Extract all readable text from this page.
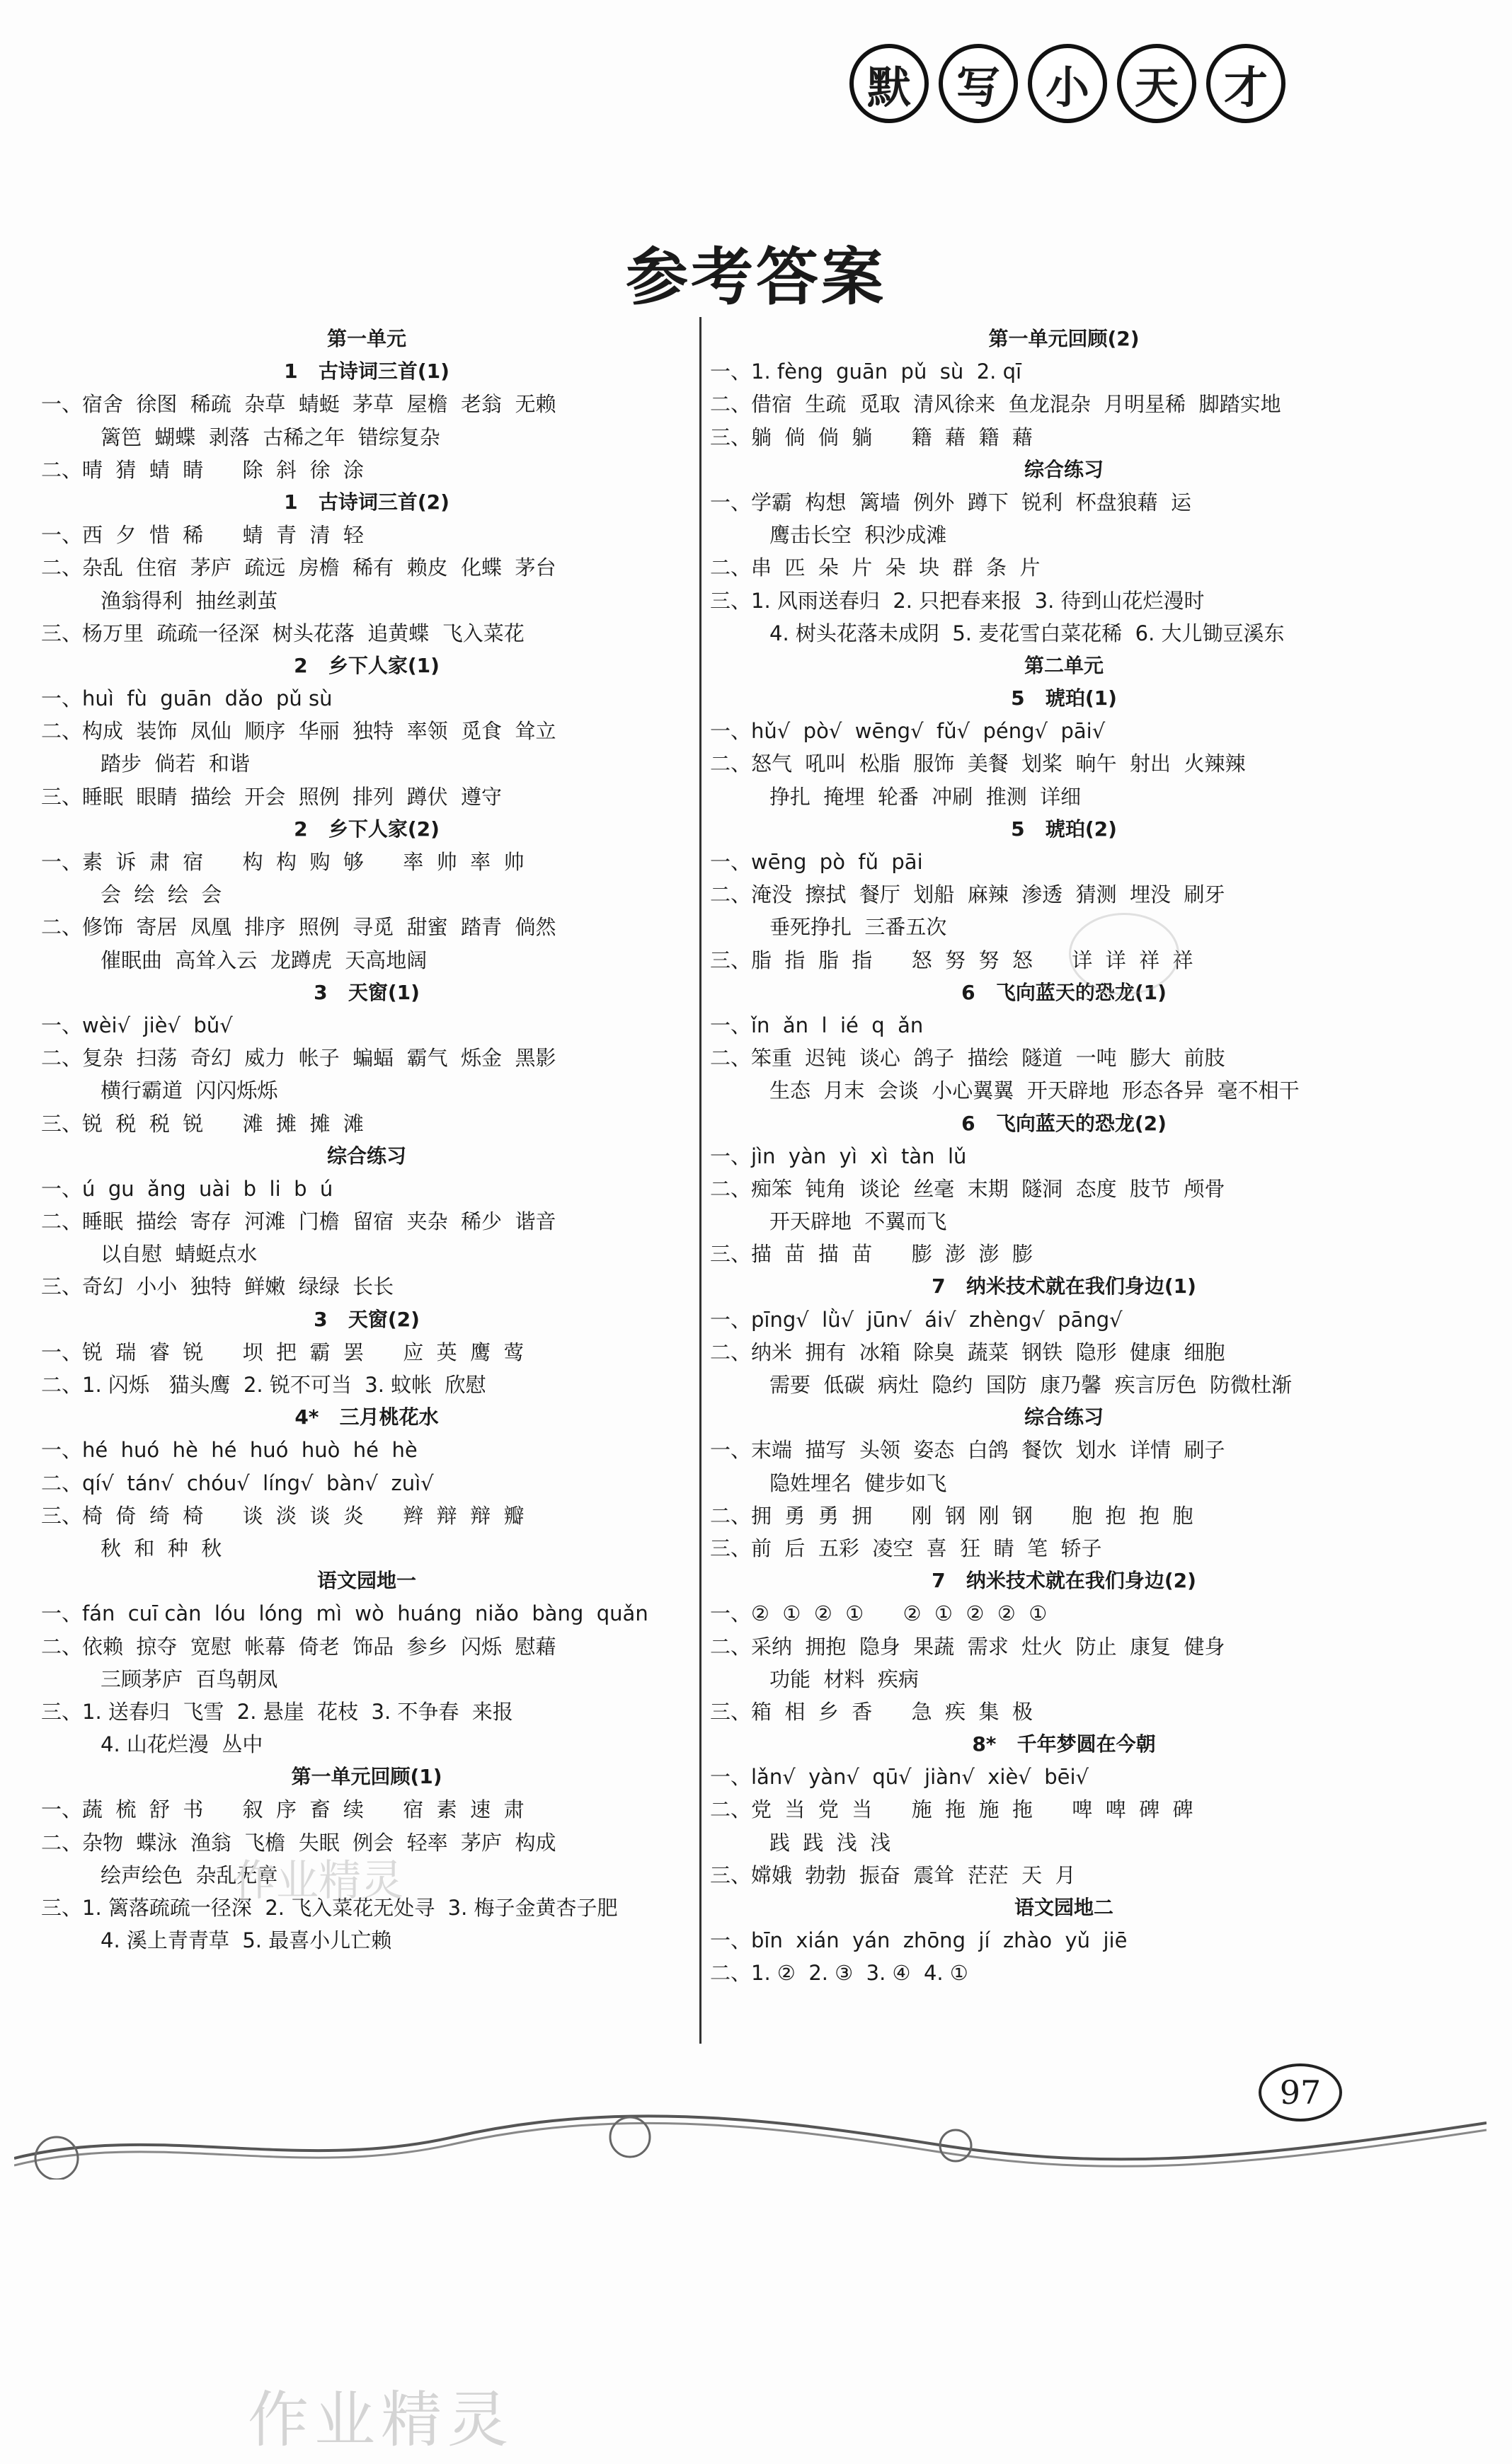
默	写	小	天	才
参考答案
第一单元
1   古诗词三首(1)
一、宿舍  徐图  稀疏  杂草  蜻蜓  茅草  屋檐  老翁  无赖
篱笆  蝴蝶  剥落  古稀之年  错综复杂
二、晴  猜  蜻  睛      除  斜  徐  涂
1   古诗词三首(2)
一、西  夕  惜  稀      蜻  青  清  轻
二、杂乱  住宿  茅庐  疏远  房檐  稀有  赖皮  化蝶  茅台
渔翁得利  抽丝剥茧
三、杨万里  疏疏一径深  树头花落  追黄蝶  飞入菜花
2   乡下人家(1)
一、huì  fù  guān  dǎo  pǔ sù
二、构成  装饰  凤仙  顺序  华丽  独特  率领  觅食  耸立
踏步  倘若  和谐
三、睡眠  眼睛  描绘  开会  照例  排列  蹲伏  遵守
2   乡下人家(2)
一、素  诉  肃  宿      构  构  购  够      率  帅  率  帅
会  绘  绘  会
二、修饰  寄居  凤凰  排序  照例  寻觅  甜蜜  踏青  倘然
催眠曲  高耸入云  龙蹲虎  天高地阔
3   天窗(1)
一、wèi√  jiè√  bǔ√
二、复杂  扫荡  奇幻  威力  帐子  蝙蝠  霸气  烁金  黑影
横行霸道  闪闪烁烁
三、锐  税  税  锐      滩  摊  摊  滩
综合练习
一、ú  gu  ǎng  uài  b  li  b  ú
二、睡眠  描绘  寄存  河滩  门檐  留宿  夹杂  稀少  谐音
以自慰  蜻蜓点水
三、奇幻  小小  独特  鲜嫩  绿绿  长长
3   天窗(2)
一、锐  瑞  睿  锐      坝  把  霸  罢      应  英  鹰  莺
二、1. 闪烁   猫头鹰  2. 锐不可当  3. 蚊帐  欣慰
4*   三月桃花水
一、hé  huó  hè  hé  huó  huò  hé  hè
二、qí√  tán√  chóu√  líng√  bàn√  zuì√
三、椅  倚  绮  椅      谈  淡  谈  炎      辫  辩  辩  瓣
秋  和  种  秋
语文园地一
一、fán  cuī càn  lóu  lóng  mì  wò  huáng  niǎo  bàng  quǎn
二、依赖  掠夺  宽慰  帐幕  倚老  饰品  参乡  闪烁  慰藉
三顾茅庐  百鸟朝凤
三、1. 送春归  飞雪  2. 悬崖  花枝  3. 不争春  来报
4. 山花烂漫  丛中
第一单元回顾(1)
一、蔬  梳  舒  书      叙  序  畜  续      宿  素  速  肃
二、杂物  蝶泳  渔翁  飞檐  失眠  例会  轻率  茅庐  构成
绘声绘色  杂乱无章
三、1. 篱落疏疏一径深  2. 飞入菜花无处寻  3. 梅子金黄杏子肥
4. 溪上青青草  5. 最喜小儿亡赖
第一单元回顾(2)
一、1. fèng  guān  pǔ  sù  2. qī
二、借宿  生疏  觅取  清风徐来  鱼龙混杂  月明星稀  脚踏实地
三、躺  倘  倘  躺      籍  藉  籍  藉
综合练习
一、学霸  构想  篱墙  例外  蹲下  锐利  杯盘狼藉  运
鹰击长空  积沙成滩
二、串  匹  朵  片  朵  块  群  条  片
三、1. 风雨送春归  2. 只把春来报  3. 待到山花烂漫时
4. 树头花落未成阴  5. 麦花雪白菜花稀  6. 大儿锄豆溪东
第二单元
5   琥珀(1)
一、hǔ√  pò√  wēng√  fǔ√  péng√  pāi√
二、怒气  吼叫  松脂  服饰  美餐  划桨  晌午  射出  火辣辣
挣扎  掩埋  轮番  冲刷  推测  详细
5   琥珀(2)
一、wēng  pò  fǔ  pāi
二、淹没  擦拭  餐厅  划船  麻辣  渗透  猜测  埋没  刷牙
垂死挣扎  三番五次
三、脂  指  脂  指      怒  努  努  怒      详  详  祥  祥
6   飞向蓝天的恐龙(1)
一、ǐn  ǎn  l  ié  q  ǎn
二、笨重  迟钝  谈心  鸽子  描绘  隧道  一吨  膨大  前肢
生态  月末  会谈  小心翼翼  开天辟地  形态各异  毫不相干
6   飞向蓝天的恐龙(2)
一、jìn  yàn  yì  xì  tàn  lǔ
二、痴笨  钝角  谈论  丝毫  末期  隧洞  态度  肢节  颅骨
开天辟地  不翼而飞
三、描  苗  描  苗      膨  澎  澎  膨
7   纳米技术就在我们身边(1)
一、pīng√  lǜ√  jūn√  ái√  zhèng√  pāng√
二、纳米  拥有  冰箱  除臭  蔬菜  钢铁  隐形  健康  细胞
需要  低碳  病灶  隐约  国防  康乃馨  疾言厉色  防微杜渐
综合练习
一、末端  描写  头领  姿态  白鸽  餐饮  划水  详情  刷子
隐姓埋名  健步如飞
二、拥  勇  勇  拥      刚  钢  刚  钢      胞  抱  抱  胞
三、前  后  五彩  凌空  喜  狂  睛  笔  轿子
7   纳米技术就在我们身边(2)
一、②  ①  ②  ①      ②  ①  ②  ②  ①
二、采纳  拥抱  隐身  果蔬  需求  灶火  防止  康复  健身
功能  材料  疾病
三、箱  相  乡  香      急  疾  集  极
8*   千年梦圆在今朝
一、lǎn√  yàn√  qū√  jiàn√  xiè√  bēi√
二、党  当  党  当      施  拖  施  拖      啤  啤  碑  碑
践  践  浅  浅
三、嫦娥  勃勃  振奋  震耸  茫茫  天  月
语文园地二
一、bīn  xián  yán  zhōng  jí  zhào  yǔ  jiē
二、1. ②  2. ③  3. ④  4. ①
作业精灵
作业精灵
97
